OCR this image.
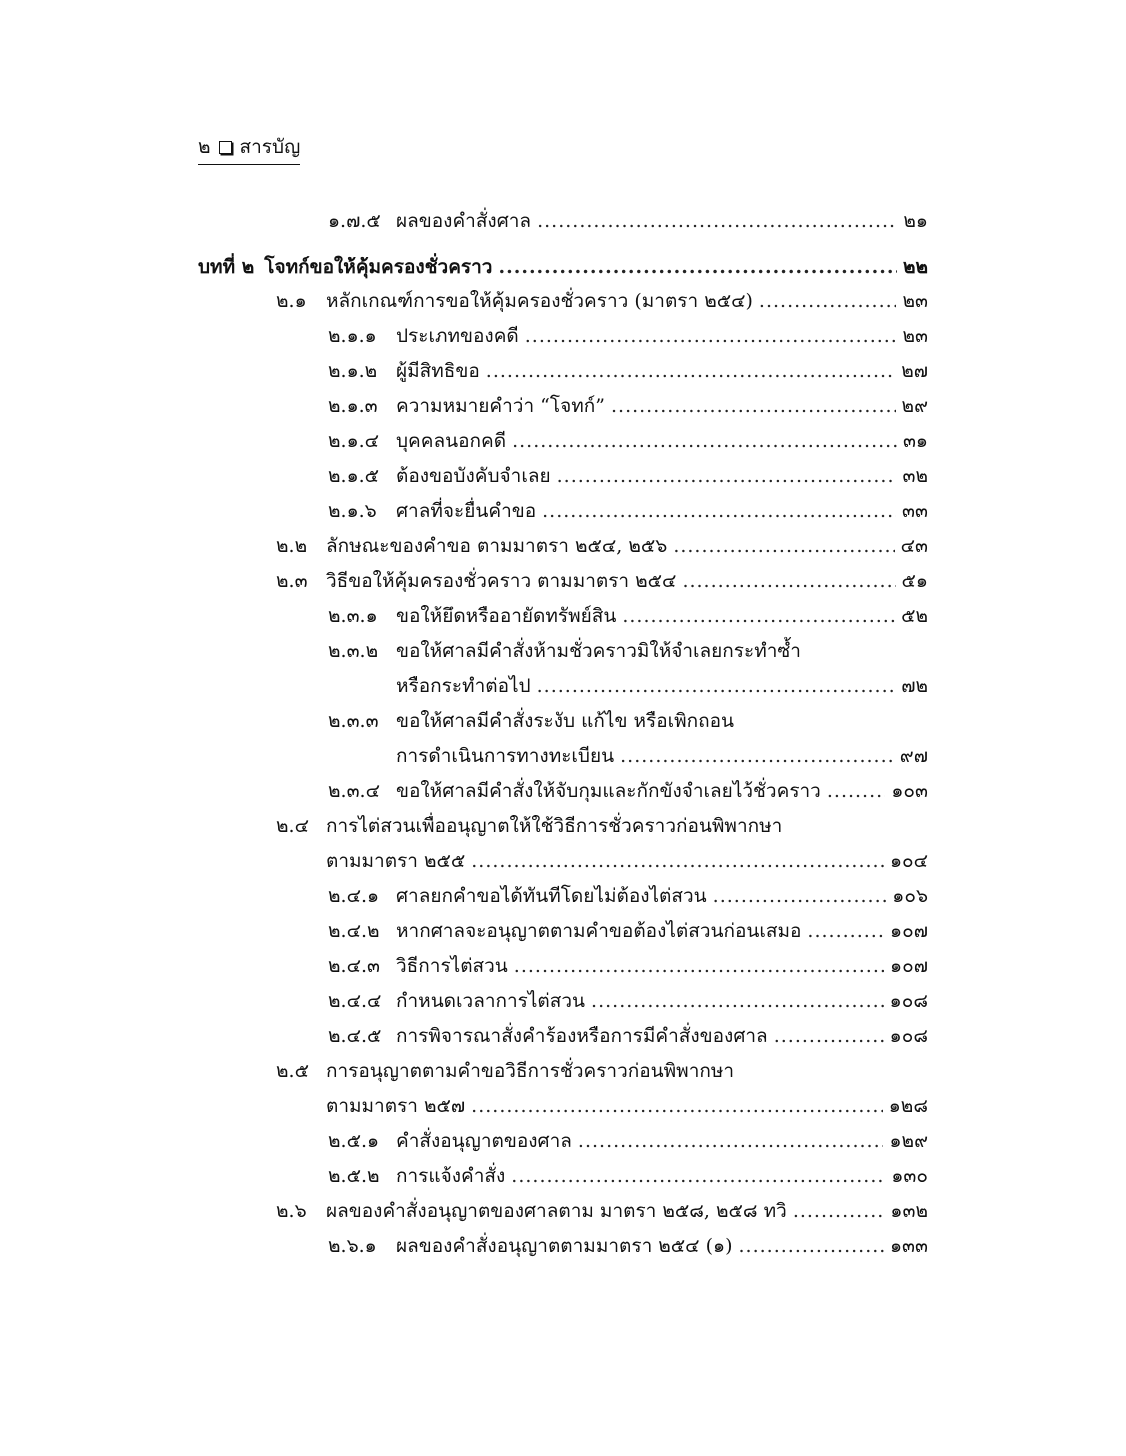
๒ สารบัญ
๑.๗.๕ ผลของคำสั่งศาล .....	๒๑
บทที่ ๒ โจทก์ขอให้คุ้มครองชั่วคราว .....	๒๒
๒.๑	หลักเกณฑ์การขอให้คุ้มครองชั่วคราว (มาตรา ๒๕๔) .....	๒๓
๒.๑.๑	ประเภทของคดี .....	๒๓
๒.๑.๒ ผู้มีสิทธิขอ .....	๒๗
๒.๑.๓ ความหมายคำว่า “โจทก์” .....	๒๙
๒.๑.๔ บุคคลนอกคดี .....	๓๑
๒.๑.๕ ต้องขอบังคับจำเลย .....	๓๒
๒.๑.๖	ศาลที่จะยื่นคำขอ .....	๓๓
๒.๒ ลักษณะของคำขอ ตามมาตรา ๒๕๔, ๒๕๖ .....	๔๓
๒.๓ วิธีขอให้คุ้มครองชั่วคราว ตามมาตรา ๒๕๔ .....	๕๑
๒.๓.๑ ขอให้ยึดหรืออายัดทรัพย์สิน .....	๕๒
๒.๓.๒ ขอให้ศาลมีคำสั่งห้ามชั่วคราวมิให้จำเลยกระทำซ้ำ
หรือกระทำต่อไป .....	๗๒
๒.๓.๓ ขอให้ศาลมีคำสั่งระงับ แก้ไข หรือเพิกถอน
การดำเนินการทางทะเบียน .....	๙๗
๒.๓.๔ ขอให้ศาลมีคำสั่งให้จับกุมและกักขังจำเลยไว้ชั่วคราว .....	๑๐๓
๒.๔ การไต่สวนเพื่ออนุญาตให้ใช้วิธีการชั่วคราวก่อนพิพากษา
ตามมาตรา ๒๕๕ .....	๑๐๔
๒.๔.๑ ศาลยกคำขอได้ทันทีโดยไม่ต้องไต่สวน .....	๑๐๖
๒.๔.๒ หากศาลจะอนุญาตตามคำขอต้องไต่สวนก่อนเสมอ .....	๑๐๗
๒.๔.๓ วิธีการไต่สวน .....	๑๐๗
๒.๔.๔ กำหนดเวลาการไต่สวน .....	๑๐๘
๒.๔.๕ การพิจารณาสั่งคำร้องหรือการมีคำสั่งของศาล .....	๑๐๘
๒.๕ การอนุญาตตามคำขอวิธีการชั่วคราวก่อนพิพากษา
ตามมาตรา ๒๕๗ .....	๑๒๘
๒.๕.๑ คำสั่งอนุญาตของศาล .....	๑๒๙
๒.๕.๒ การแจ้งคำสั่ง .....	๑๓๐
๒.๖	ผลของคำสั่งอนุญาตของศาลตาม มาตรา ๒๕๘, ๒๕๘ ทวิ .....	๑๓๒
๒.๖.๑	ผลของคำสั่งอนุญาตตามมาตรา ๒๕๔ (๑) .....	๑๓๓
